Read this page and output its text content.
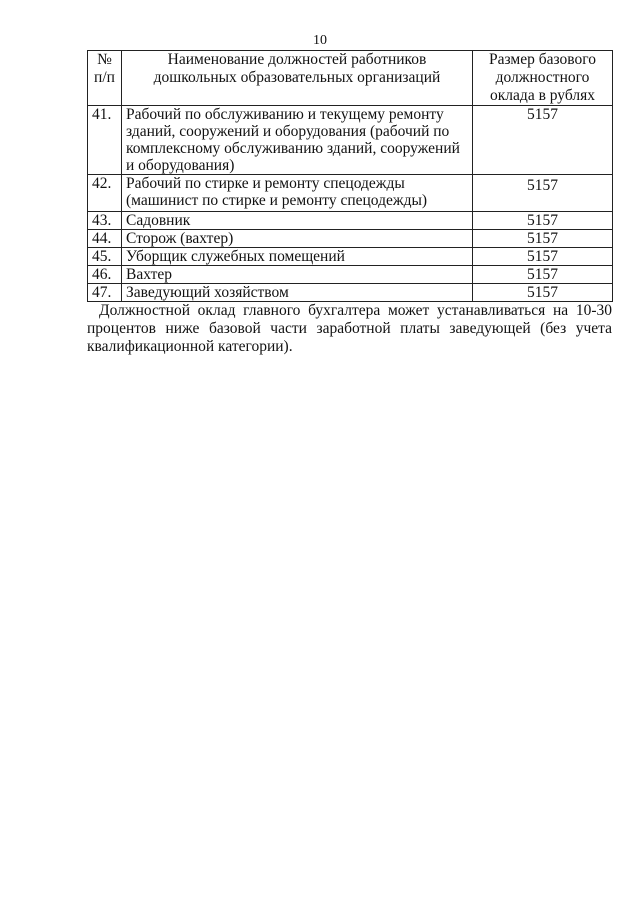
10
№ п/п	Наименование должностей работников дошкольных образовательных организаций	Размер базового должностного оклада в рублях
41.	Рабочий по обслуживанию и текущему ремонту зданий, сооружений и оборудования (рабочий по комплексному обслуживанию зданий, сооружений и оборудования)	5157
42.	Рабочий по стирке и ремонту спецодежды (машинист по стирке и ремонту спецодежды)	5157
43.	Садовник	5157
44.	Сторож (вахтер)	5157
45.	Уборщик служебных помещений	5157
46.	Вахтер	5157
47.	Заведующий хозяйством	5157

Должностной оклад главного бухгалтера может устанавливаться на 10-30 процентов ниже базовой части заработной платы заведующей (без учета квалификационной категории).
